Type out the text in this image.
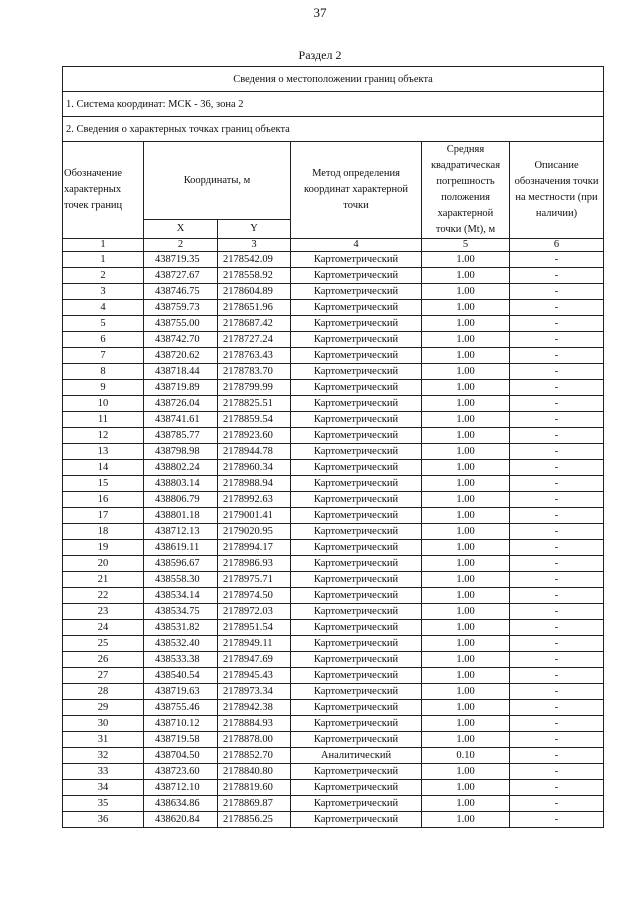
37
Раздел 2
Сведения о местоположении границ объекта					
1. Система координат: МСК - 36, зона 2					
2. Сведения о характерных точках границ объекта					
Обозначение характерных точек границ	Координаты, м		Метод определения координат характерной точки	Средняя квадратическая погрешность положения характерной точки (Mt), м	Описание обозначения точки на местности (при наличии)
	X	Y			
1	2	3	4	5	6
1	438719.35	2178542.09	Картометрический	1.00	-
2	438727.67	2178558.92	Картометрический	1.00	-
3	438746.75	2178604.89	Картометрический	1.00	-
4	438759.73	2178651.96	Картометрический	1.00	-
5	438755.00	2178687.42	Картометрический	1.00	-
6	438742.70	2178727.24	Картометрический	1.00	-
7	438720.62	2178763.43	Картометрический	1.00	-
8	438718.44	2178783.70	Картометрический	1.00	-
9	438719.89	2178799.99	Картометрический	1.00	-
10	438726.04	2178825.51	Картометрический	1.00	-
11	438741.61	2178859.54	Картометрический	1.00	-
12	438785.77	2178923.60	Картометрический	1.00	-
13	438798.98	2178944.78	Картометрический	1.00	-
14	438802.24	2178960.34	Картометрический	1.00	-
15	438803.14	2178988.94	Картометрический	1.00	-
16	438806.79	2178992.63	Картометрический	1.00	-
17	438801.18	2179001.41	Картометрический	1.00	-
18	438712.13	2179020.95	Картометрический	1.00	-
19	438619.11	2178994.17	Картометрический	1.00	-
20	438596.67	2178986.93	Картометрический	1.00	-
21	438558.30	2178975.71	Картометрический	1.00	-
22	438534.14	2178974.50	Картометрический	1.00	-
23	438534.75	2178972.03	Картометрический	1.00	-
24	438531.82	2178951.54	Картометрический	1.00	-
25	438532.40	2178949.11	Картометрический	1.00	-
26	438533.38	2178947.69	Картометрический	1.00	-
27	438540.54	2178945.43	Картометрический	1.00	-
28	438719.63	2178973.34	Картометрический	1.00	-
29	438755.46	2178942.38	Картометрический	1.00	-
30	438710.12	2178884.93	Картометрический	1.00	-
31	438719.58	2178878.00	Картометрический	1.00	-
32	438704.50	2178852.70	Аналитический	0.10	-
33	438723.60	2178840.80	Картометрический	1.00	-
34	438712.10	2178819.60	Картометрический	1.00	-
35	438634.86	2178869.87	Картометрический	1.00	-
36	438620.84	2178856.25	Картометрический	1.00	-
